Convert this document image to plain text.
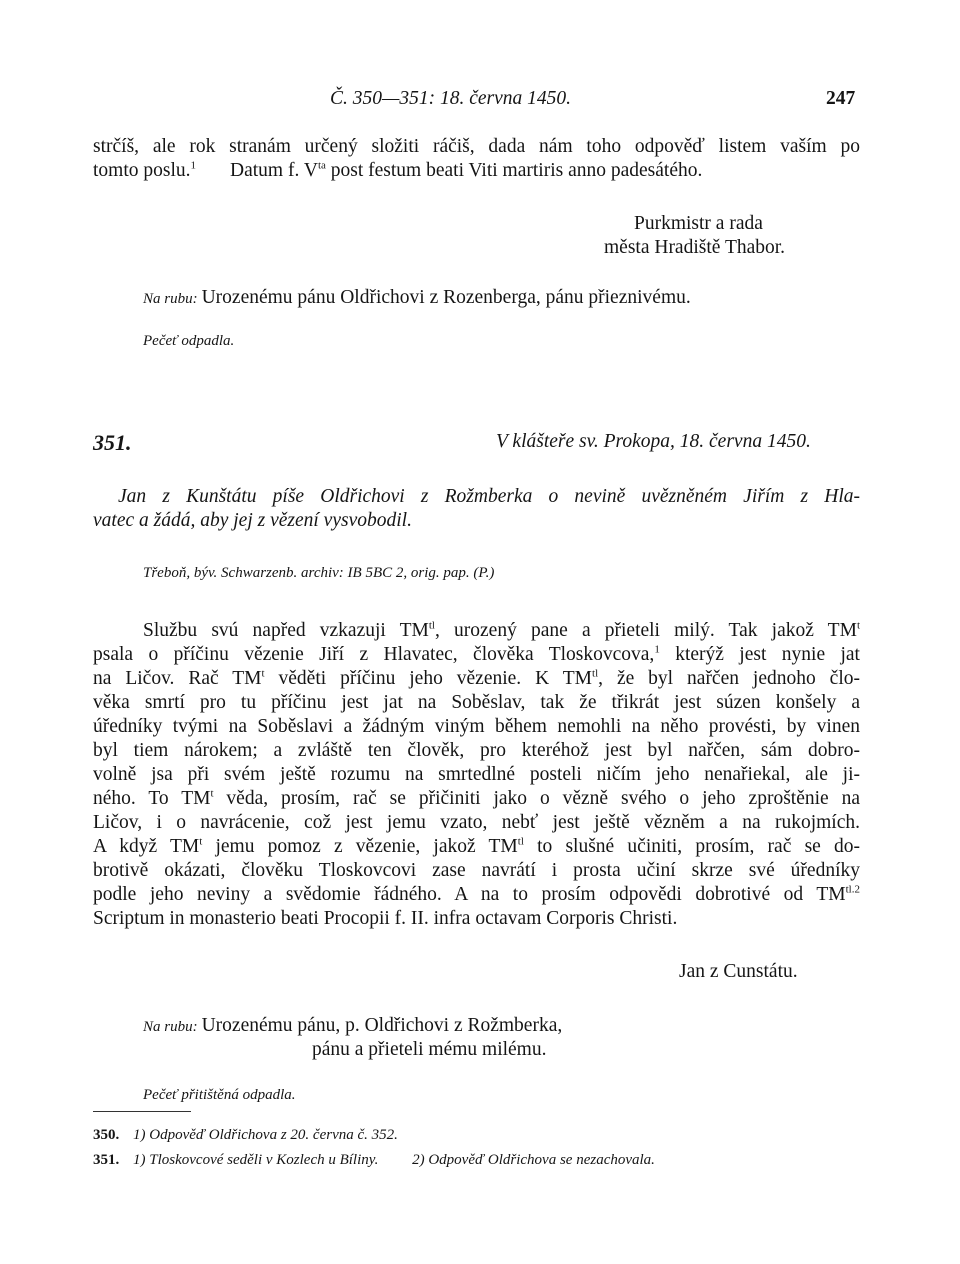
Č. 350—351: 18. června 1450.	247
strčíš, ale rok stranám určený složiti ráčiš, dada nám toho odpověď listem vaším po
tomto poslu.$^1$ Datum f. $V^{ta}$ post festum beati Viti martiris anno padesátého.
Purkmistr a rada
města Hradiště Thabor.
Na rubu: Urozenému pánu Oldřichovi z Rozenberga, pánu přieznivému.
Pečeť odpadla.
351.	V klášteře sv. Prokopa, 18. června 1450.
Jan z Kunštátu píše Oldřichovi z Rožmberka o nevině uvězněném Jiřím z Hla-
vatec a žádá, aby jej z vězení vysvobodil.
Třeboň, býv. Schwarzenb. archiv: IB 5BC 2, orig. pap. (P.)
Službu svú napřed vzkazuji $TM^{tl}$, urozený pane a přieteli milý. Tak jakož $TM^t$
psala o příčinu vězenie Jiří z Hlavatec, člověka Tloskovcova,$^1$ kterýž jest nynie jat
na Ličov. Rač $TM^t$ věděti příčinu jeho vězenie. K $TM^{tl}$, že byl nařčen jednoho člo-
věka smrtí pro tu příčinu jest jat na Soběslav, tak že třikrát jest súzen konšely a
úředníky tvými na Soběslavi a žádným viným během nemohli na něho provésti, by vinen
byl tiem nárokem; a zvláště ten člověk, pro kteréhož jest byl nařčen, sám dobro-
volně jsa při svém ještě rozumu na smrtedlné posteli ničím jeho nenařiekal, ale ji-
ného. To $TM^t$ věda, prosím, rač se přičiniti jako o vězně svého o jeho zproštěnie na
Ličov, i o navrácenie, což jest jemu vzato, nebť jest ještě vězněm a na rukojmích.
A když $TM^t$ jemu pomoz z vězenie, jakož $TM^{tl}$ to slušné učiniti, prosím, rač se do-
brotivě okázati, člověku Tloskovcovi zase navrátí i prosta učiní skrze své úředníky
podle jeho neviny a svědomie řádného. A na to prosím odpovědi dobrotivé od $TM^{tl.2}$
Scriptum in monasterio beati Procopii f. II. infra octavam Corporis Christi.
Jan z Cunstátu.
Na rubu: Urozenému pánu, p. Oldřichovi z Rožmberka,
pánu a přieteli mému milému.
Pečeť přitištěná odpadla.
350. 1) Odpověď Oldřichova z 20. června č. 352.
351. 1) Tloskovcové seděli v Kozlech u Bíliny. 2) Odpověď Oldřichova se nezachovala.
